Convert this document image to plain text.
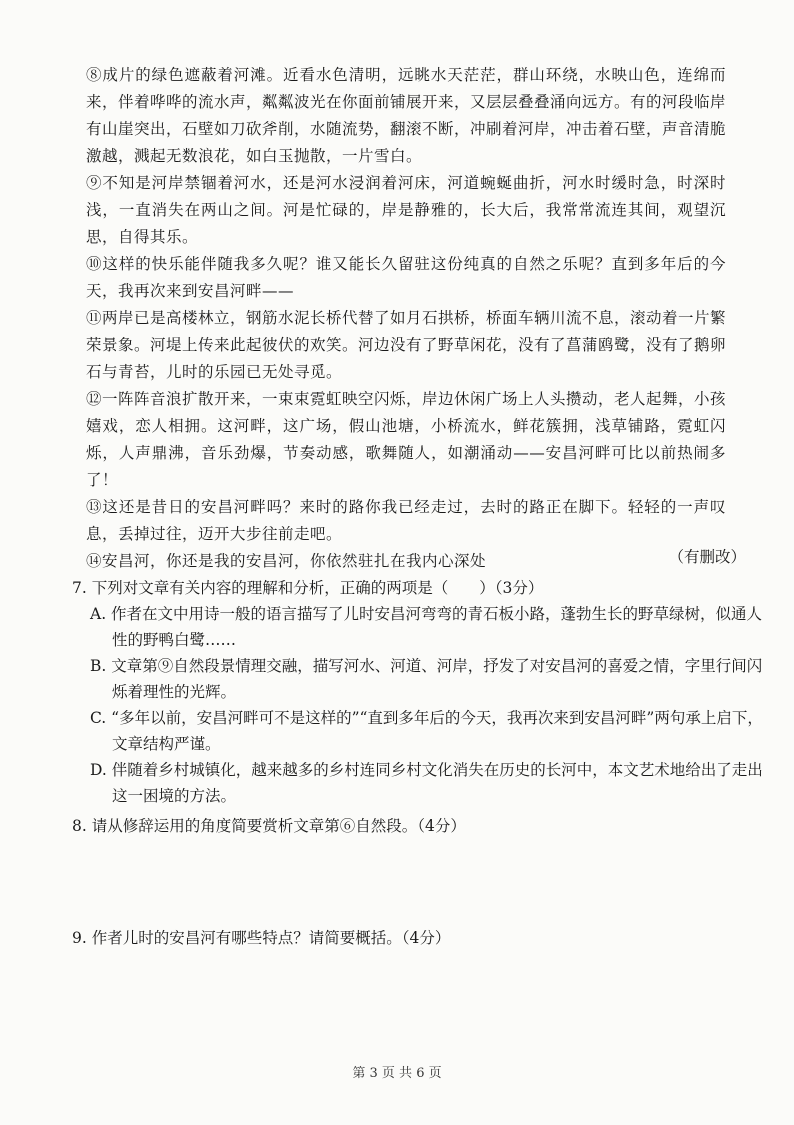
⑧成片的绿色遮蔽着河滩。近看水色清明，远眺水天茫茫，群山环绕，水映山色，连绵而来，伴着哗哗的流水声，粼粼波光在你面前铺展开来，又层层叠叠涌向远方。有的河段临岸有山崖突出，石壁如刀砍斧削，水随流势，翻滚不断，冲刷着河岸，冲击着石壁，声音清脆激越，溅起无数浪花，如白玉抛散，一片雪白。

⑨不知是河岸禁锢着河水，还是河水浸润着河床，河道蜿蜒曲折，河水时缓时急，时深时浅，一直消失在两山之间。河是忙碌的，岸是静雅的，长大后，我常常流连其间，观望沉思，自得其乐。

⑩这样的快乐能伴随我多久呢？谁又能长久留驻这份纯真的自然之乐呢？直到多年后的今天，我再次来到安昌河畔——

⑪两岸已是高楼林立，钢筋水泥长桥代替了如月石拱桥，桥面车辆川流不息，滚动着一片繁荣景象。河堤上传来此起彼伏的欢笑。河边没有了野草闲花，没有了菖蒲鸥鹭，没有了鹅卵石与青苔，儿时的乐园已无处寻觅。

⑫一阵阵音浪扩散开来，一束束霓虹映空闪烁，岸边休闲广场上人头攒动，老人起舞，小孩嬉戏，恋人相拥。这河畔，这广场，假山池塘，小桥流水，鲜花簇拥，浅草铺路，霓虹闪烁，人声鼎沸，音乐劲爆，节奏动感，歌舞随人，如潮涌动——安昌河畔可比以前热闹多了！

⑬这还是昔日的安昌河畔吗？来时的路你我已经走过，去时的路正在脚下。轻轻的一声叹息，丢掉过往，迈开大步往前走吧。

⑭安昌河，你还是我的安昌河，你依然驻扎在我内心深处	（有删改）

7. 下列对文章有关内容的理解和分析，正确的两项是（　　）（3分）

A. 作者在文中用诗一般的语言描写了儿时安昌河弯弯的青石板小路，蓬勃生长的野草绿树，似通人性的野鸭白鹭……

B. 文章第⑨自然段景情理交融，描写河水、河道、河岸，抒发了对安昌河的喜爱之情，字里行间闪烁着理性的光辉。

C. “多年以前，安昌河畔可不是这样的”“直到多年后的今天，我再次来到安昌河畔”两句承上启下，文章结构严谨。

D. 伴随着乡村城镇化，越来越多的乡村连同乡村文化消失在历史的长河中，本文艺术地给出了走出这一困境的方法。

8. 请从修辞运用的角度简要赏析文章第⑥自然段。（4分）

9. 作者儿时的安昌河有哪些特点？请简要概括。（4分）
第 3 页 共 6 页
